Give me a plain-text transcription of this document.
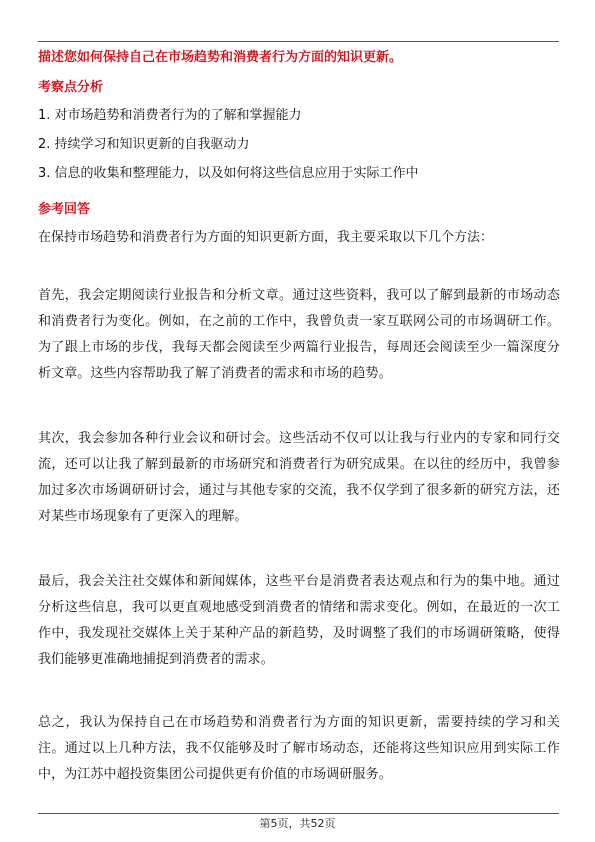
描述您如何保持自己在市场趋势和消费者行为方面的知识更新。

考察点分析

1. 对市场趋势和消费者行为的了解和掌握能力

2. 持续学习和知识更新的自我驱动力

3. 信息的收集和整理能力，以及如何将这些信息应用于实际工作中

参考回答

在保持市场趋势和消费者行为方面的知识更新方面，我主要采取以下几个方法：

首先，我会定期阅读行业报告和分析文章。通过这些资料，我可以了解到最新的市场动态和消费者行为变化。例如，在之前的工作中，我曾负责一家互联网公司的市场调研工作。为了跟上市场的步伐，我每天都会阅读至少两篇行业报告，每周还会阅读至少一篇深度分析文章。这些内容帮助我了解了消费者的需求和市场的趋势。

其次，我会参加各种行业会议和研讨会。这些活动不仅可以让我与行业内的专家和同行交流，还可以让我了解到最新的市场研究和消费者行为研究成果。在以往的经历中，我曾参加过多次市场调研研讨会，通过与其他专家的交流，我不仅学到了很多新的研究方法，还对某些市场现象有了更深入的理解。

最后，我会关注社交媒体和新闻媒体，这些平台是消费者表达观点和行为的集中地。通过分析这些信息，我可以更直观地感受到消费者的情绪和需求变化。例如，在最近的一次工作中，我发现社交媒体上关于某种产品的新趋势，及时调整了我们的市场调研策略，使得我们能够更准确地捕捉到消费者的需求。

总之，我认为保持自己在市场趋势和消费者行为方面的知识更新，需要持续的学习和关注。通过以上几种方法，我不仅能够及时了解市场动态，还能将这些知识应用到实际工作中，为江苏中超投资集团公司提供更有价值的市场调研服务。

第5页，共52页
